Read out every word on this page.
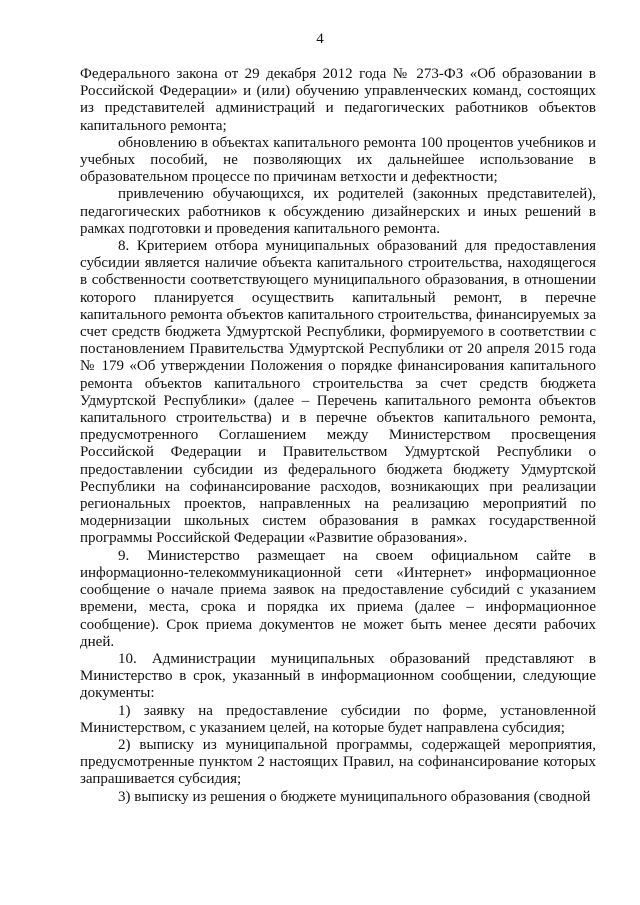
4

Федерального закона от 29 декабря 2012 года № 273-ФЗ «Об образовании в Российской Федерации» и (или) обучению управленческих команд, состоящих из представителей администраций и педагогических работников объектов капитального ремонта;

обновлению в объектах капитального ремонта 100 процентов учебников и учебных пособий, не позволяющих их дальнейшее использование в образовательном процессе по причинам ветхости и дефектности;

привлечению обучающихся, их родителей (законных представителей), педагогических работников к обсуждению дизайнерских и иных решений в рамках подготовки и проведения капитального ремонта.

8. Критерием отбора муниципальных образований для предоставления субсидии является наличие объекта капитального строительства, находящегося в собственности соответствующего муниципального образования, в отношении которого планируется осуществить капитальный ремонт, в перечне капитального ремонта объектов капитального строительства, финансируемых за счет средств бюджета Удмуртской Республики, формируемого в соответствии с постановлением Правительства Удмуртской Республики от 20 апреля 2015 года № 179 «Об утверждении Положения о порядке финансирования капитального ремонта объектов капитального строительства за счет средств бюджета Удмуртской Республики» (далее – Перечень капитального ремонта объектов капитального строительства) и в перечне объектов капитального ремонта, предусмотренного Соглашением между Министерством просвещения Российской Федерации и Правительством Удмуртской Республики о предоставлении субсидии из федерального бюджета бюджету Удмуртской Республики на софинансирование расходов, возникающих при реализации региональных проектов, направленных на реализацию мероприятий по модернизации школьных систем образования в рамках государственной программы Российской Федерации «Развитие образования».

9. Министерство размещает на своем официальном сайте в информационно-телекоммуникационной сети «Интернет» информационное сообщение о начале приема заявок на предоставление субсидий с указанием времени, места, срока и порядка их приема (далее – информационное сообщение). Срок приема документов не может быть менее десяти рабочих дней.

10. Администрации муниципальных образований представляют в Министерство в срок, указанный в информационном сообщении, следующие документы:

1) заявку на предоставление субсидии по форме, установленной Министерством, с указанием целей, на которые будет направлена субсидия;

2) выписку из муниципальной программы, содержащей мероприятия, предусмотренные пунктом 2 настоящих Правил, на софинансирование которых запрашивается субсидия;

3) выписку из решения о бюджете муниципального образования (сводной
